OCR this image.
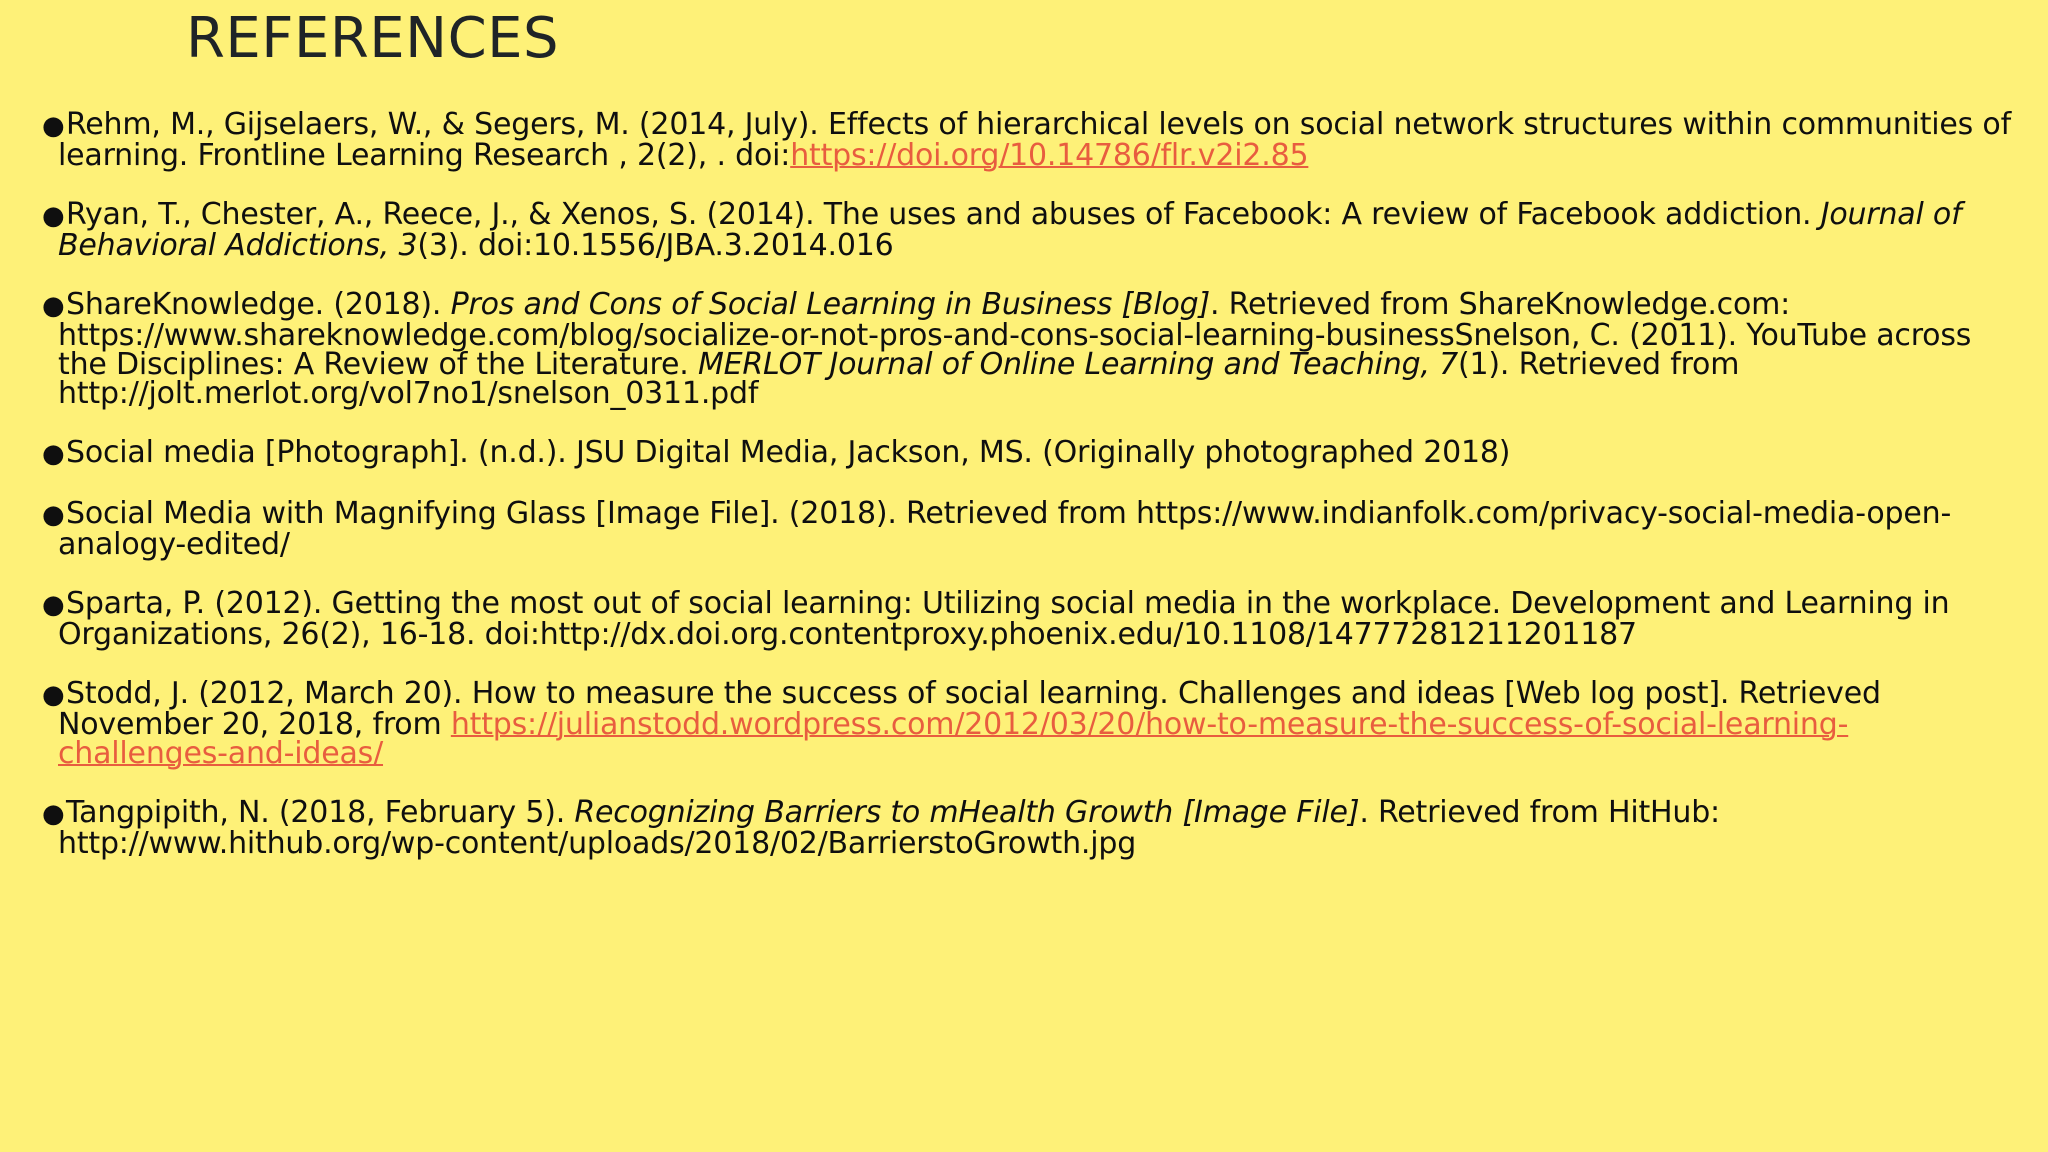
REFERENCES
●Rehm, M., Gijselaers, W., & Segers, M. (2014, July). Effects of hierarchical levels on social network structures within communities of learning. Frontline Learning Research , 2(2), . doi:https://doi.org/10.14786/flr.v2i2.85
●Ryan, T., Chester, A., Reece, J., & Xenos, S. (2014). The uses and abuses of Facebook: A review of Facebook addiction. Journal of Behavioral Addictions, 3(3). doi:10.1556/JBA.3.2014.016
●ShareKnowledge. (2018). Pros and Cons of Social Learning in Business [Blog]. Retrieved from ShareKnowledge.com: https://www.shareknowledge.com/blog/socialize-or-not-pros-and-cons-social-learning-businessSnelson, C. (2011). YouTube across the Disciplines: A Review of the Literature. MERLOT Journal of Online Learning and Teaching, 7(1). Retrieved from http://jolt.merlot.org/vol7no1/snelson_0311.pdf
●Social media [Photograph]. (n.d.). JSU Digital Media, Jackson, MS. (Originally photographed 2018)
●Social Media with Magnifying Glass [Image File]. (2018). Retrieved from https://www.indianfolk.com/privacy-social-media-open-analogy-edited/
●Sparta, P. (2012). Getting the most out of social learning: Utilizing social media in the workplace. Development and Learning in Organizations, 26(2), 16-18. doi:http://dx.doi.org.contentproxy.phoenix.edu/10.1108/14777281211201187
●Stodd, J. (2012, March 20). How to measure the success of social learning. Challenges and ideas [Web log post]. Retrieved November 20, 2018, from https://julianstodd.wordpress.com/2012/03/20/how-to-measure-the-success-of-social-learning-challenges-and-ideas/
●Tangpipith, N. (2018, February 5). Recognizing Barriers to mHealth Growth [Image File]. Retrieved from HitHub: http://www.hithub.org/wp-content/uploads/2018/02/BarrierstoGrowth.jpg
